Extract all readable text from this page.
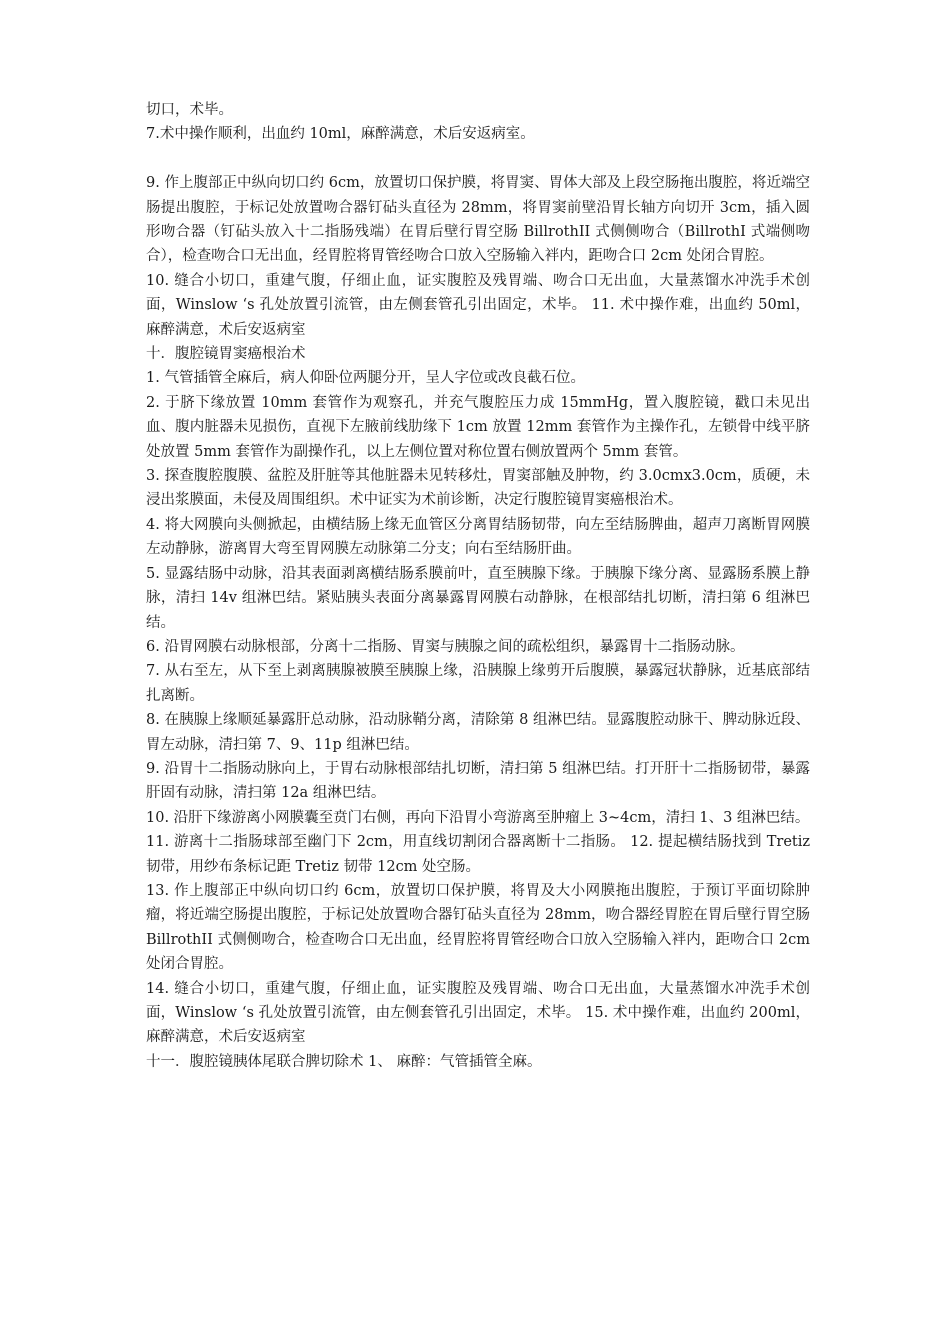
切口，术毕。

7.术中操作顺利，出血约 10ml，麻醉满意，术后安返病室。

9. 作上腹部正中纵向切口约 6cm，放置切口保护膜，将胃窦、胃体大部及上段空肠拖出腹腔，将近端空肠提出腹腔，于标记处放置吻合器钉砧头直径为 28mm，将胃窦前壁沿胃长轴方向切开 3cm，插入圆形吻合器（钉砧头放入十二指肠残端）在胃后壁行胃空肠 BillrothII 式侧侧吻合（BillrothI 式端侧吻合），检查吻合口无出血，经胃腔将胃管经吻合口放入空肠输入袢内，距吻合口 2cm 处闭合胃腔。

10. 缝合小切口，重建气腹，仔细止血，证实腹腔及残胃端、吻合口无出血，大量蒸馏水冲洗手术创面，Winslow ‘s 孔处放置引流管，由左侧套管孔引出固定，术毕。 11. 术中操作难，出血约 50ml，麻醉满意，术后安返病室

十．腹腔镜胃窦癌根治术

1. 气管插管全麻后，病人仰卧位两腿分开，呈人字位或改良截石位。

2. 于脐下缘放置 10mm 套管作为观察孔，并充气腹腔压力成 15mmHg，置入腹腔镜，戳口未见出血、腹内脏器未见损伤，直视下左腋前线肋缘下 1cm 放置 12mm 套管作为主操作孔，左锁骨中线平脐处放置 5mm 套管作为副操作孔，以上左侧位置对称位置右侧放置两个 5mm 套管。

3. 探查腹腔腹膜、盆腔及肝脏等其他脏器未见转移灶，胃窦部触及肿物，约 3.0cmx3.0cm，质硬，未浸出浆膜面，未侵及周围组织。术中证实为术前诊断，决定行腹腔镜胃窦癌根治术。

4. 将大网膜向头侧掀起，由横结肠上缘无血管区分离胃结肠韧带，向左至结肠脾曲，超声刀离断胃网膜左动静脉，游离胃大弯至胃网膜左动脉第二分支；向右至结肠肝曲。

5. 显露结肠中动脉，沿其表面剥离横结肠系膜前叶，直至胰腺下缘。于胰腺下缘分离、显露肠系膜上静脉，清扫 14v 组淋巴结。紧贴胰头表面分离暴露胃网膜右动静脉，在根部结扎切断，清扫第 6 组淋巴结。

6. 沿胃网膜右动脉根部，分离十二指肠、胃窦与胰腺之间的疏松组织，暴露胃十二指肠动脉。

7. 从右至左，从下至上剥离胰腺被膜至胰腺上缘，沿胰腺上缘剪开后腹膜，暴露冠状静脉，近基底部结扎离断。

8. 在胰腺上缘顺延暴露肝总动脉，沿动脉鞘分离，清除第 8 组淋巴结。显露腹腔动脉干、脾动脉近段、胃左动脉，清扫第 7、9、11p 组淋巴结。

9. 沿胃十二指肠动脉向上，于胃右动脉根部结扎切断，清扫第 5 组淋巴结。打开肝十二指肠韧带，暴露肝固有动脉，清扫第 12a 组淋巴结。

10. 沿肝下缘游离小网膜囊至贲门右侧，再向下沿胃小弯游离至肿瘤上 3~4cm，清扫 1、3 组淋巴结。

11. 游离十二指肠球部至幽门下 2cm，用直线切割闭合器离断十二指肠。 12. 提起横结肠找到 Tretiz 韧带，用纱布条标记距 Tretiz 韧带 12cm 处空肠。

13. 作上腹部正中纵向切口约 6cm，放置切口保护膜，将胃及大小网膜拖出腹腔，于预订平面切除肿瘤，将近端空肠提出腹腔，于标记处放置吻合器钉砧头直径为 28mm，吻合器经胃腔在胃后壁行胃空肠 BillrothII 式侧侧吻合，检查吻合口无出血，经胃腔将胃管经吻合口放入空肠输入袢内，距吻合口 2cm 处闭合胃腔。

14. 缝合小切口，重建气腹，仔细止血，证实腹腔及残胃端、吻合口无出血，大量蒸馏水冲洗手术创面，Winslow ‘s 孔处放置引流管，由左侧套管孔引出固定，术毕。 15. 术中操作难，出血约 200ml，麻醉满意，术后安返病室

十一．腹腔镜胰体尾联合脾切除术 1、 麻醉：气管插管全麻。
